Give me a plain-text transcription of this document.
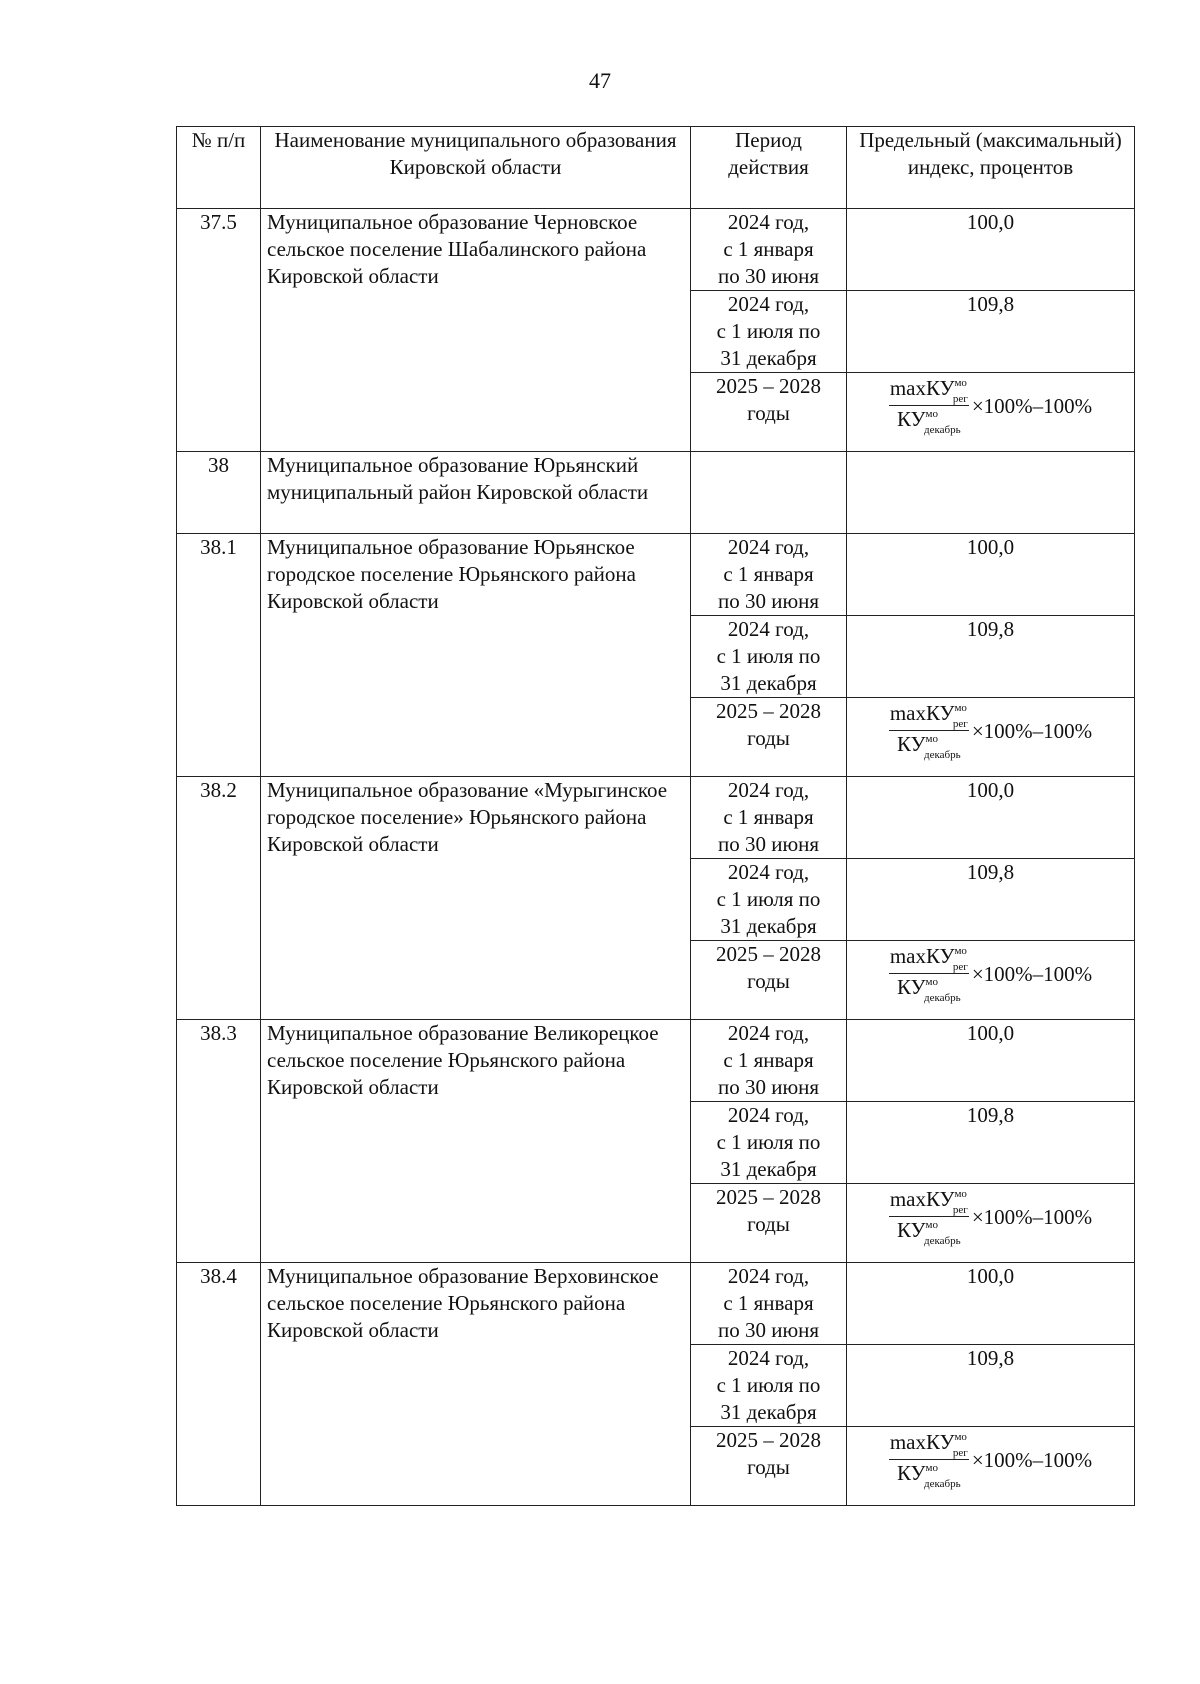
47
№ п/п	Наименование муниципального образования Кировской области	Период действия	Предельный (максимальный) индекс, процентов
37.5	Муниципальное образование Черновское сельское поселение Шабалинского района Кировской области	2024 год,
с 1 января
по 30 июня	100,0
		2024 год,
с 1 июля по
31 декабря	109,8
		2025 – 2028
годы	$\frac{\max КУ^{мо}_{рег}}{КУ^{мо}_{декабрь}} \times 100\%-100\%$

38	Муниципальное образование Юрьянский муниципальный район Кировской области		
38.1	Муниципальное образование Юрьянское городское поселение Юрьянского района Кировской области	2024 год,
с 1 января
по 30 июня	100,0
		2024 год,
с 1 июля по
31 декабря	109,8
		2025 – 2028
годы	$\frac{\max КУ^{мо}_{рег}}{КУ^{мо}_{декабрь}} \times 100\%-100\%$

38.2	Муниципальное образование «Мурыгинское городское поселение» Юрьянского района Кировской области	2024 год,
с 1 января
по 30 июня	100,0
		2024 год,
с 1 июля по
31 декабря	109,8
		2025 – 2028
годы	$\frac{\max КУ^{мо}_{рег}}{КУ^{мо}_{декабрь}} \times 100\%-100\%$

38.3	Муниципальное образование Великорецкое сельское поселение Юрьянского района Кировской области	2024 год,
с 1 января
по 30 июня	100,0
		2024 год,
с 1 июля по
31 декабря	109,8
		2025 – 2028
годы	$\frac{\max КУ^{мо}_{рег}}{КУ^{мо}_{декабрь}} \times 100\%-100\%$

38.4	Муниципальное образование Верховинское сельское поселение Юрьянского района Кировской области	2024 год,
с 1 января
по 30 июня	100,0
		2024 год,
с 1 июля по
31 декабря	109,8
		2025 – 2028
годы	$\frac{\max КУ^{мо}_{рег}}{КУ^{мо}_{декабрь}} \times 100\%-100\%$
